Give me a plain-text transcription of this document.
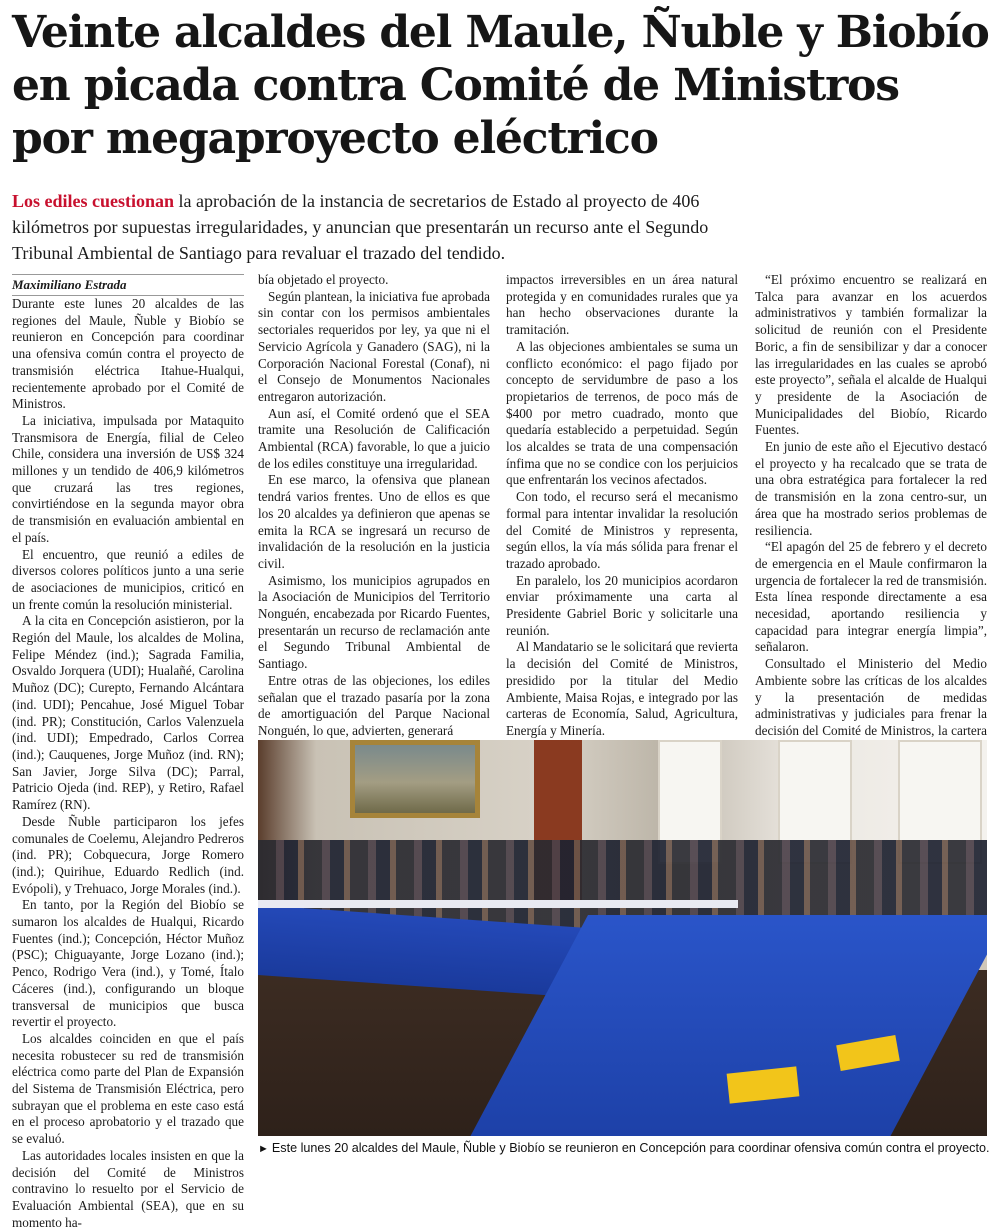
Veinte alcaldes del Maule, Ñuble y Biobío en picada contra Comité de Ministros por megaproyecto eléctrico

Los ediles cuestionan la aprobación de la instancia de secretarios de Estado al proyecto de 406 kilómetros por supuestas irregularidades, y anuncian que presentarán un recurso ante el Segundo Tribunal Ambiental de Santiago para revaluar el trazado del tendido.

Maximiliano Estrada

Durante este lunes 20 alcaldes de las regiones del Maule, Ñuble y Biobío se reunieron en Concepción para coordinar una ofensiva común contra el proyecto de transmisión eléctrica Itahue-Hualqui, recientemente aprobado por el Comité de Ministros.

La iniciativa, impulsada por Mataquito Transmisora de Energía, filial de Celeo Chile, considera una inversión de US$ 324 millones y un tendido de 406,9 kilómetros que cruzará las tres regiones, convirtiéndose en la segunda mayor obra de transmisión en evaluación ambiental en el país.

El encuentro, que reunió a ediles de diversos colores políticos junto a una serie de asociaciones de municipios, criticó en un frente común la resolución ministerial.

A la cita en Concepción asistieron, por la Región del Maule, los alcaldes de Molina, Felipe Méndez (ind.); Sagrada Familia, Osvaldo Jorquera (UDI); Hualañé, Carolina Muñoz (DC); Curepto, Fernando Alcántara (ind. UDI); Pencahue, José Miguel Tobar (ind. PR); Constitución, Carlos Valenzuela (ind. UDI); Empedrado, Carlos Correa (ind.); Cauquenes, Jorge Muñoz (ind. RN); San Javier, Jorge Silva (DC); Parral, Patricio Ojeda (ind. REP), y Retiro, Rafael Ramírez (RN).

Desde Ñuble participaron los jefes comunales de Coelemu, Alejandro Pedreros (ind. PR); Cobquecura, Jorge Romero (ind.); Quirihue, Eduardo Redlich (ind. Evópoli), y Trehuaco, Jorge Morales (ind.).

En tanto, por la Región del Biobío se sumaron los alcaldes de Hualqui, Ricardo Fuentes (ind.); Concepción, Héctor Muñoz (PSC); Chiguayante, Jorge Lozano (ind.); Penco, Rodrigo Vera (ind.), y Tomé, Ítalo Cáceres (ind.), configurando un bloque transversal de municipios que busca revertir el proyecto.

Los alcaldes coinciden en que el país necesita robustecer su red de transmisión eléctrica como parte del Plan de Expansión del Sistema de Transmisión Eléctrica, pero subrayan que el problema en este caso está en el proceso aprobatorio y el trazado que se evaluó.

Las autoridades locales insisten en que la decisión del Comité de Ministros contravino lo resuelto por el Servicio de Evaluación Ambiental (SEA), que en su momento ha-

bía objetado el proyecto.

Según plantean, la iniciativa fue aprobada sin contar con los permisos ambientales sectoriales requeridos por ley, ya que ni el Servicio Agrícola y Ganadero (SAG), ni la Corporación Nacional Forestal (Conaf), ni el Consejo de Monumentos Nacionales entregaron autorización.

Aun así, el Comité ordenó que el SEA tramite una Resolución de Calificación Ambiental (RCA) favorable, lo que a juicio de los ediles constituye una irregularidad.

En ese marco, la ofensiva que planean tendrá varios frentes. Uno de ellos es que los 20 alcaldes ya definieron que apenas se emita la RCA se ingresará un recurso de invalidación de la resolución en la justicia civil.

Asimismo, los municipios agrupados en la Asociación de Municipios del Territorio Nonguén, encabezada por Ricardo Fuentes, presentarán un recurso de reclamación ante el Segundo Tribunal Ambiental de Santiago.

Entre otras de las objeciones, los ediles señalan que el trazado pasaría por la zona de amortiguación del Parque Nacional Nonguén, lo que, advierten, generará

impactos irreversibles en un área natural protegida y en comunidades rurales que ya han hecho observaciones durante la tramitación.

A las objeciones ambientales se suma un conflicto económico: el pago fijado por concepto de servidumbre de paso a los propietarios de terrenos, de poco más de $400 por metro cuadrado, monto que quedaría establecido a perpetuidad. Según los alcaldes se trata de una compensación ínfima que no se condice con los perjuicios que enfrentarán los vecinos afectados.

Con todo, el recurso será el mecanismo formal para intentar invalidar la resolución del Comité de Ministros y representa, según ellos, la vía más sólida para frenar el trazado aprobado.

En paralelo, los 20 municipios acordaron enviar próximamente una carta al Presidente Gabriel Boric y solicitarle una reunión.

Al Mandatario se le solicitará que revierta la decisión del Comité de Ministros, presidido por la titular del Medio Ambiente, Maisa Rojas, e integrado por las carteras de Economía, Salud, Agricultura, Energía y Minería.

“El próximo encuentro se realizará en Talca para avanzar en los acuerdos administrativos y también formalizar la solicitud de reunión con el Presidente Boric, a fin de sensibilizar y dar a conocer las irregularidades en las cuales se aprobó este proyecto”, señala el alcalde de Hualqui y presidente de la Asociación de Municipalidades del Biobío, Ricardo Fuentes.

En junio de este año el Ejecutivo destacó el proyecto y ha recalcado que se trata de una obra estratégica para fortalecer la red de transmisión en la zona centro-sur, un área que ha mostrado serios problemas de resiliencia.

“El apagón del 25 de febrero y el decreto de emergencia en el Maule confirmaron la urgencia de fortalecer la red de transmisión. Esta línea responde directamente a esa necesidad, aportando resiliencia y capacidad para integrar energía limpia”, señalaron.

Consultado el Ministerio del Medio Ambiente sobre las críticas de los alcaldes y la presentación de medidas administrativas y judiciales para frenar la decisión del Comité de Ministros, la cartera

► Este lunes 20 alcaldes del Maule, Ñuble y Biobío se reunieron en Concepción para coordinar ofensiva común contra el proyecto.
